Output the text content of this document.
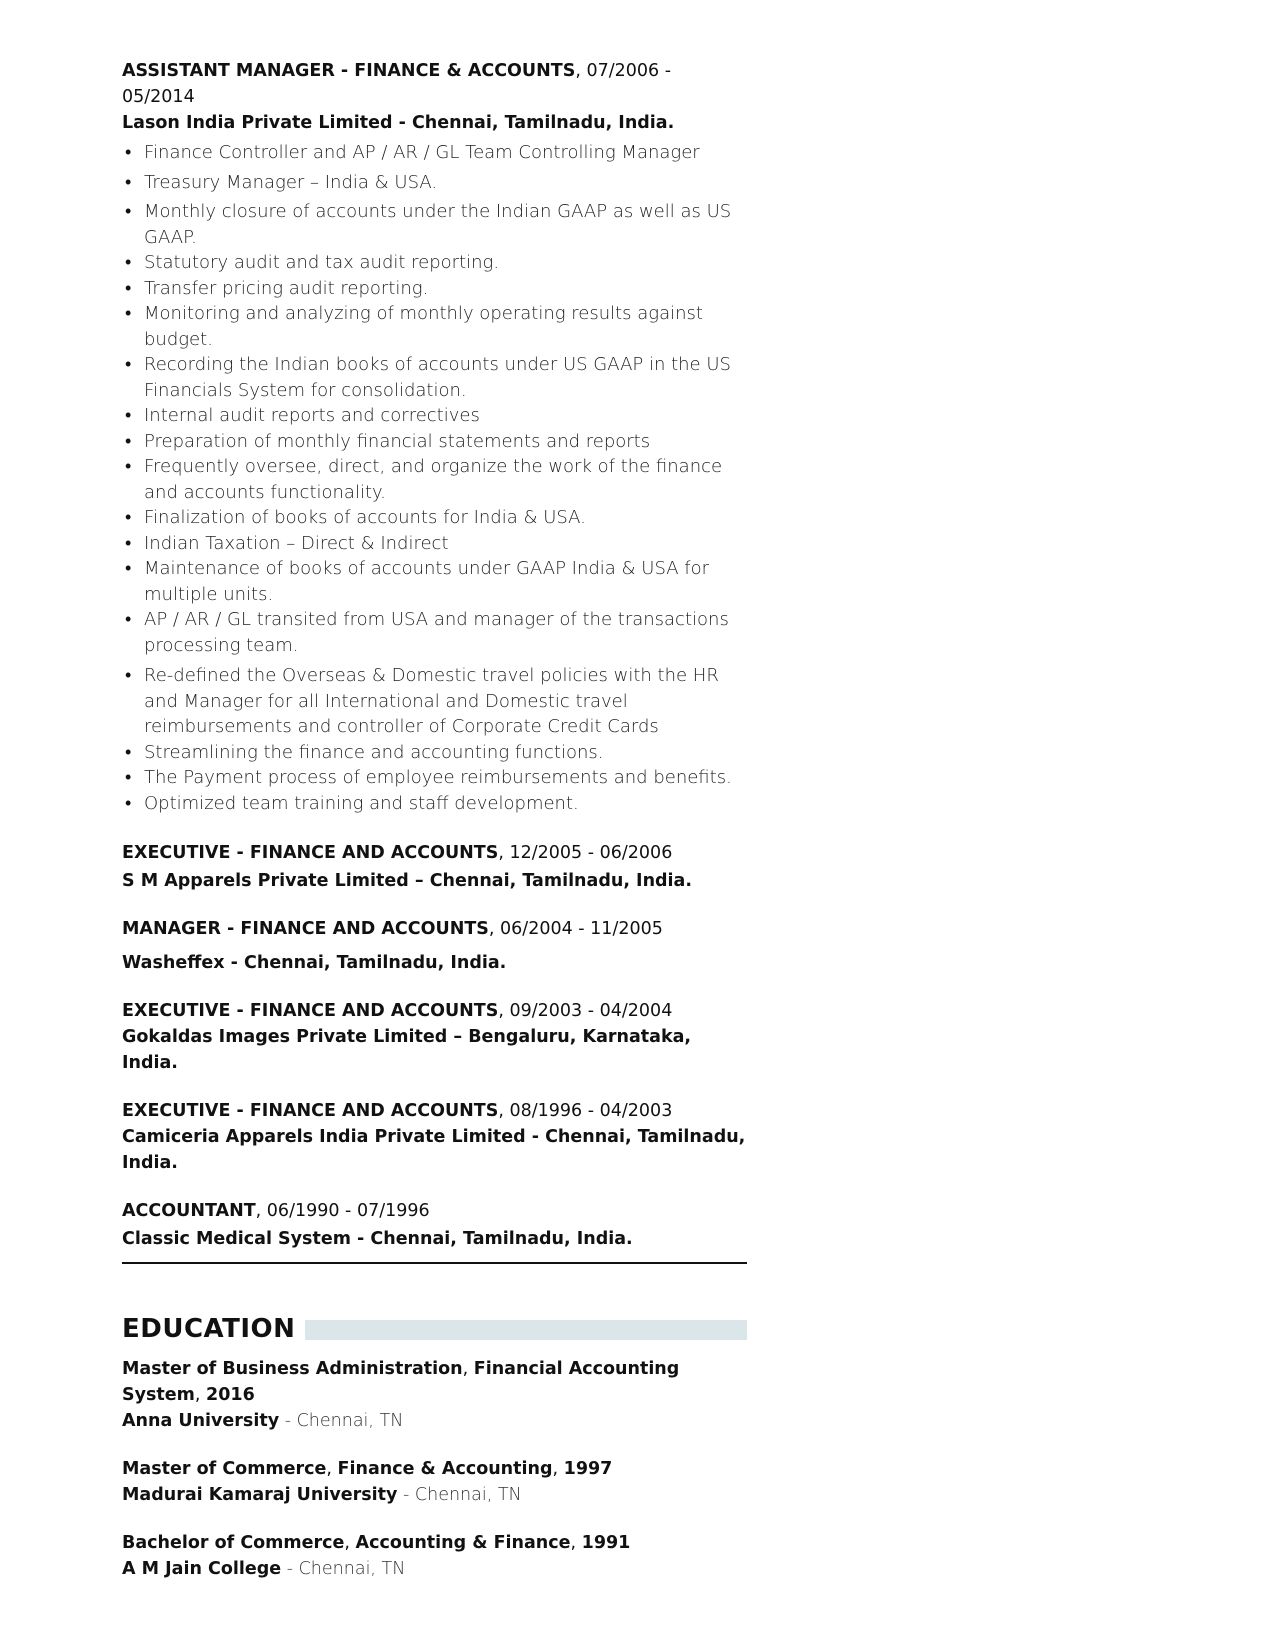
ASSISTANT MANAGER - FINANCE & ACCOUNTS, 07/2006 - 05/2014
Lason India Private Limited - Chennai, Tamilnadu, India.
• Finance Controller and AP / AR / GL Team Controlling Manager
• Treasury Manager – India & USA.
• Monthly closure of accounts under the Indian GAAP as well as US GAAP.
• Statutory audit and tax audit reporting.
• Transfer pricing audit reporting.
• Monitoring and analyzing of monthly operating results against budget.
• Recording the Indian books of accounts under US GAAP in the US Financials System for consolidation.
• Internal audit reports and correctives
• Preparation of monthly financial statements and reports
• Frequently oversee, direct, and organize the work of the finance and accounts functionality.
• Finalization of books of accounts for India & USA.
• Indian Taxation – Direct & Indirect
• Maintenance of books of accounts under GAAP India & USA for multiple units.
• AP / AR / GL transited from USA and manager of the transactions processing team.
• Re-defined the Overseas & Domestic travel policies with the HR and Manager for all International and Domestic travel reimbursements and controller of Corporate Credit Cards
• Streamlining the finance and accounting functions.
• The Payment process of employee reimbursements and benefits.
• Optimized team training and staff development.
EXECUTIVE - FINANCE AND ACCOUNTS, 12/2005 - 06/2006
S M Apparels Private Limited – Chennai, Tamilnadu, India.
MANAGER - FINANCE AND ACCOUNTS, 06/2004 - 11/2005
Washeffex - Chennai, Tamilnadu, India.
EXECUTIVE - FINANCE AND ACCOUNTS, 09/2003 - 04/2004
Gokaldas Images Private Limited – Bengaluru, Karnataka, India.
EXECUTIVE - FINANCE AND ACCOUNTS, 08/1996 - 04/2003
Camiceria Apparels India Private Limited - Chennai, Tamilnadu, India.
ACCOUNTANT, 06/1990 - 07/1996
Classic Medical System - Chennai, Tamilnadu, India.
EDUCATION
Master of Business Administration, Financial Accounting System, 2016
Anna University - Chennai, TN
Master of Commerce, Finance & Accounting, 1997
Madurai Kamaraj University - Chennai, TN
Bachelor of Commerce, Accounting & Finance, 1991
A M Jain College - Chennai, TN
